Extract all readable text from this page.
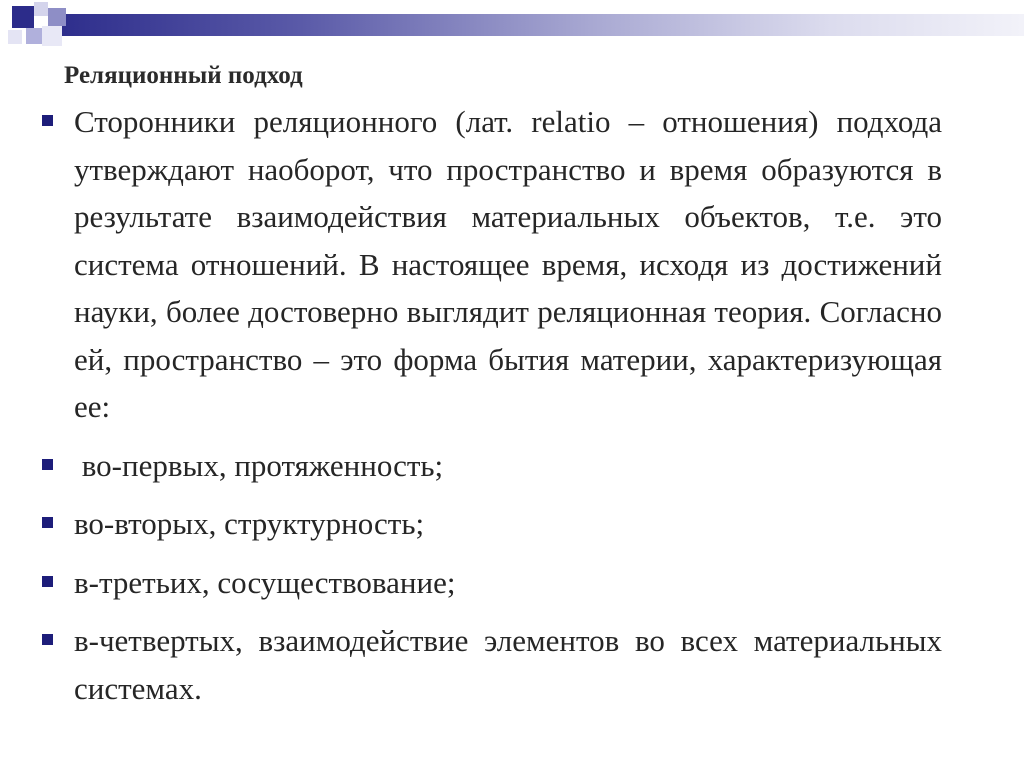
Реляционный подход
Сторонники реляционного (лат. relatio – отношения) подхода утверждают наоборот, что пространство и время образуются в результате взаимодействия материальных объектов, т.е. это система отношений. В настоящее время, исходя из достижений науки, более достоверно выглядит реляционная теория. Согласно ей, пространство – это форма бытия материи, характеризующая ее:
во-первых, протяженность;
во-вторых, структурность;
в-третьих, сосуществование;
в-четвертых, взаимодействие элементов во всех материальных системах.
